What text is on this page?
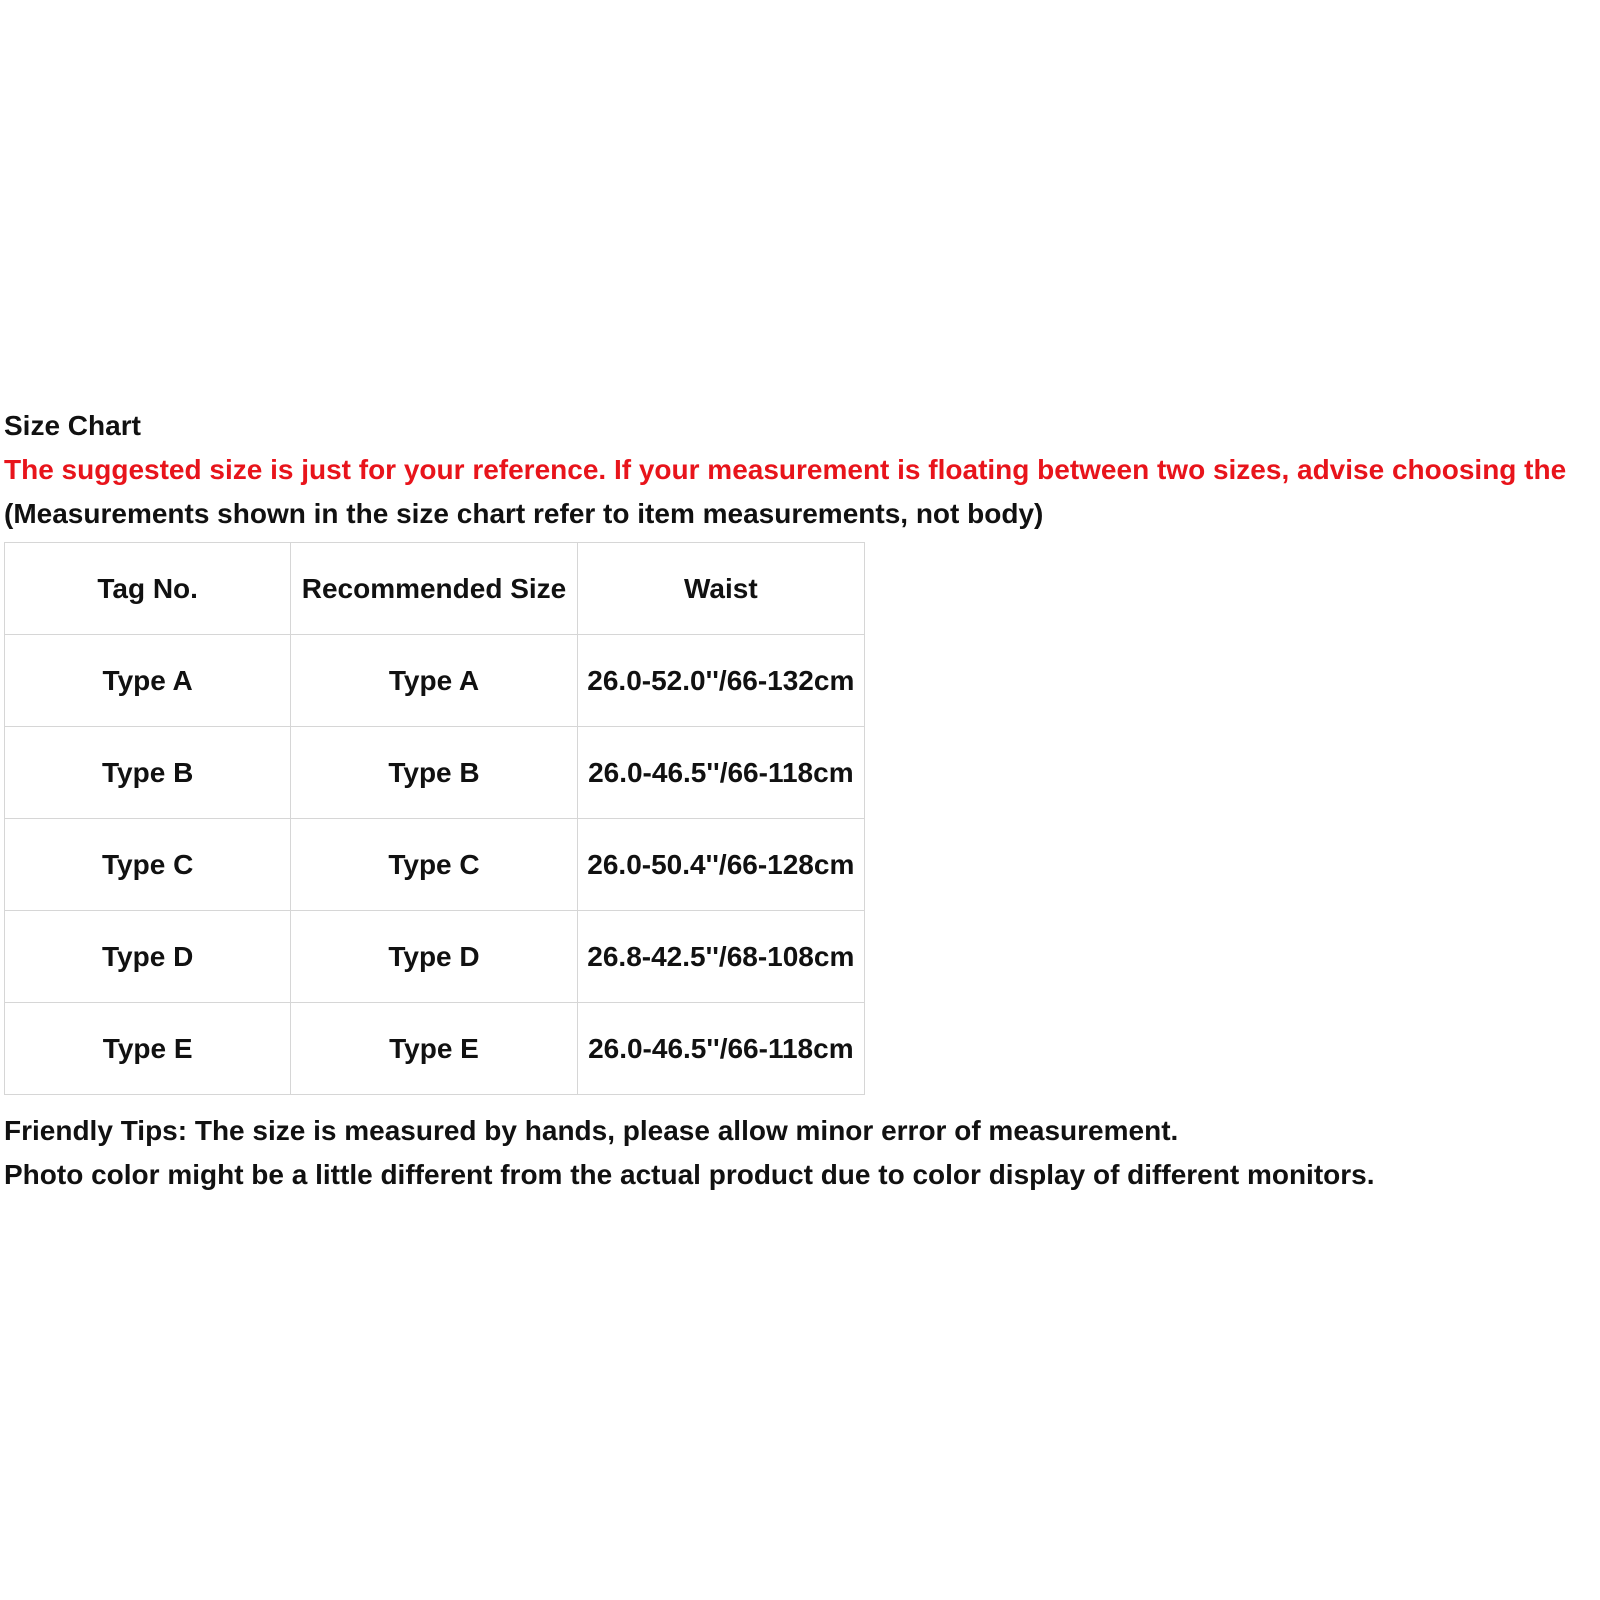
Size Chart
The suggested size is just for your reference. If your measurement is floating between two sizes, advise choosing the
(Measurements shown in the size chart refer to item measurements, not body)
Tag No.	Recommended Size	Waist
Type A	Type A	26.0-52.0''/66-132cm
Type B	Type B	26.0-46.5''/66-118cm
Type C	Type C	26.0-50.4''/66-128cm
Type D	Type D	26.8-42.5''/68-108cm
Type E	Type E	26.0-46.5''/66-118cm
Friendly Tips: The size is measured by hands, please allow minor error of measurement.
Photo color might be a little different from the actual product due to color display of different monitors.
